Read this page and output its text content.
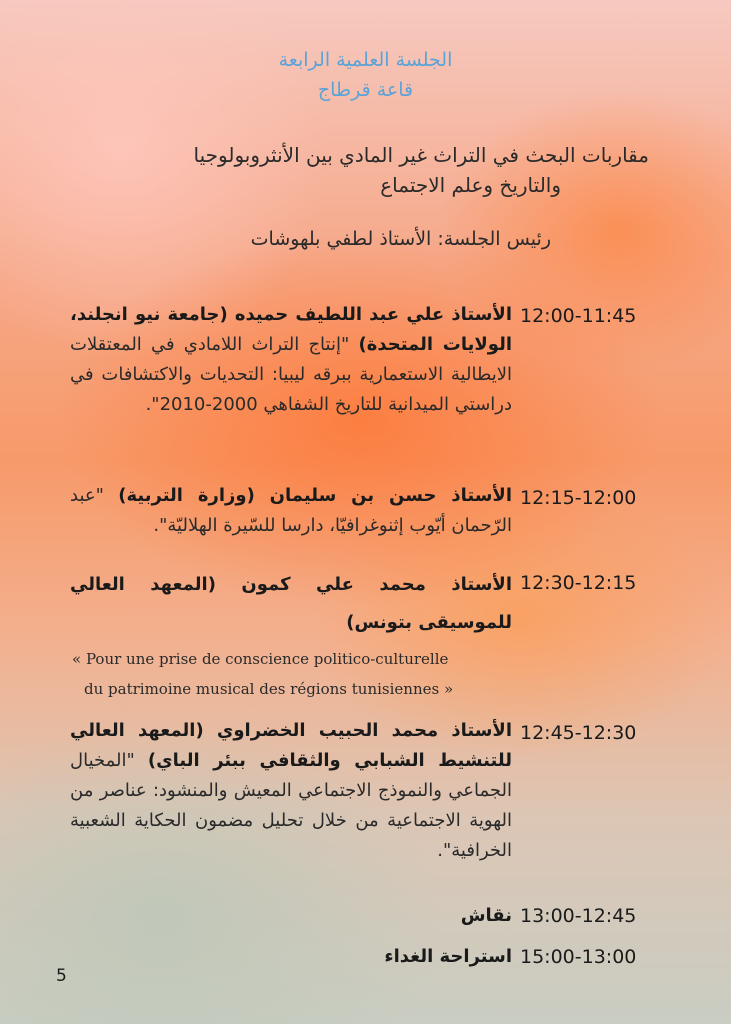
الجلسة العلمية الرابعة
قاعة قرطاج
مقاربات البحث في التراث غير المادي بين الأنثروبولوجيا
والتاريخ وعلم الاجتماع
رئيس الجلسة: الأستاذ لطفي بلهوشات
12:00-11:45
الأستاذ علي عبد اللطيف حميده (جامعة نيو انجلند، الولايات المتحدة) "إنتاج التراث اللامادي في المعتقلات الايطالية الاستعمارية ببرقه ليبيا: التحديات والاكتشافات في دراستي الميدانية للتاريخ الشفاهي 2000-2010".
12:15-12:00
الأستاذ حسن بن سليمان (وزارة التربية) "عبد الرّحمان أيّوب إثنوغرافيّا، دارسا للسّيرة الهلاليّة".
12:30-12:15
الأستاذ محمد علي كمون (المعهد العالي للموسيقى بتونس)
« Pour une prise de conscience politico-culturelle
du patrimoine musical des régions tunisiennes »
12:45-12:30
الأستاذ محمد الحبيب الخضراوي (المعهد العالي للتنشيط الشبابي والثقافي ببئر الباي) "المخيال الجماعي والنموذج الاجتماعي المعيش والمنشود: عناصر من الهوية الاجتماعية من خلال تحليل مضمون الحكاية الشعبية الخرافية".
13:00-12:45
نقاش
15:00-13:00
استراحة الغداء
5
